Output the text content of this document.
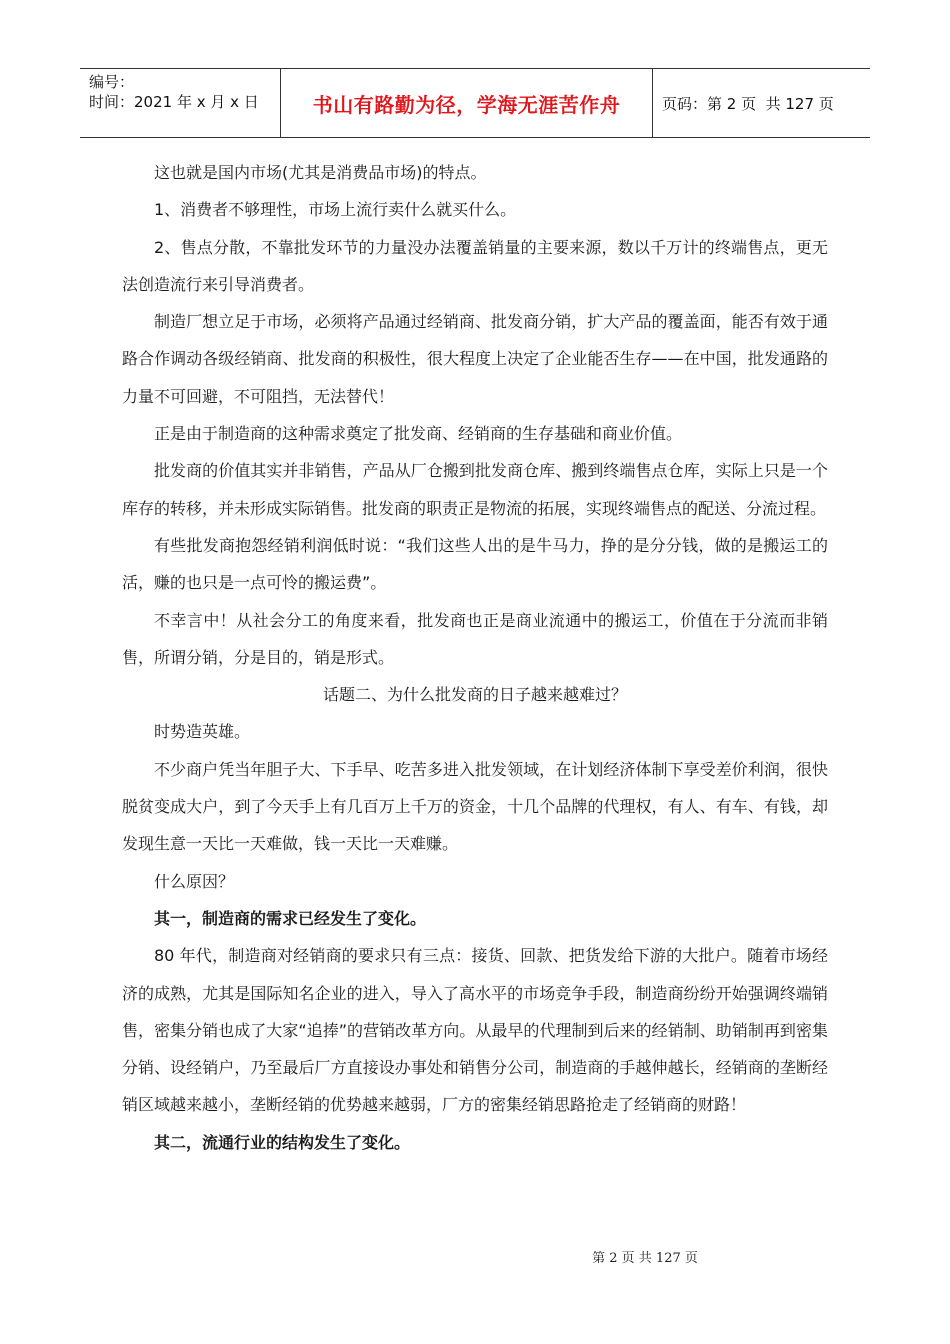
编号：
时间：2021 年 x 月 x 日	书山有路勤为径，学海无涯苦作舟	页码：第 2 页  共 127 页

这也就是国内市场(尤其是消费品市场)的特点。

1、消费者不够理性，市场上流行卖什么就买什么。

2、售点分散，不靠批发环节的力量没办法覆盖销量的主要来源，数以千万计的终端售点，更无法创造流行来引导消费者。

制造厂想立足于市场，必须将产品通过经销商、批发商分销，扩大产品的覆盖面，能否有效于通路合作调动各级经销商、批发商的积极性，很大程度上决定了企业能否生存——在中国，批发通路的力量不可回避，不可阻挡，无法替代！

正是由于制造商的这种需求奠定了批发商、经销商的生存基础和商业价值。

批发商的价值其实并非销售，产品从厂仓搬到批发商仓库、搬到终端售点仓库，实际上只是一个库存的转移，并未形成实际销售。批发商的职责正是物流的拓展，实现终端售点的配送、分流过程。

有些批发商抱怨经销利润低时说：“我们这些人出的是牛马力，挣的是分分钱，做的是搬运工的活，赚的也只是一点可怜的搬运费”。

不幸言中！从社会分工的角度来看，批发商也正是商业流通中的搬运工，价值在于分流而非销售，所谓分销，分是目的，销是形式。

话题二、为什么批发商的日子越来越难过？

时势造英雄。

不少商户凭当年胆子大、下手早、吃苦多进入批发领域，在计划经济体制下享受差价利润，很快脱贫变成大户，到了今天手上有几百万上千万的资金，十几个品牌的代理权，有人、有车、有钱，却发现生意一天比一天难做，钱一天比一天难赚。

什么原因？

其一，制造商的需求已经发生了变化。

80 年代，制造商对经销商的要求只有三点：接货、回款、把货发给下游的大批户。随着市场经济的成熟，尤其是国际知名企业的进入，导入了高水平的市场竞争手段，制造商纷纷开始强调终端销售，密集分销也成了大家“追捧”的营销改革方向。从最早的代理制到后来的经销制、助销制再到密集分销、设经销户，乃至最后厂方直接设办事处和销售分公司，制造商的手越伸越长，经销商的垄断经销区域越来越小，垄断经销的优势越来越弱，厂方的密集经销思路抢走了经销商的财路！

其二，流通行业的结构发生了变化。

第 2 页 共 127 页
